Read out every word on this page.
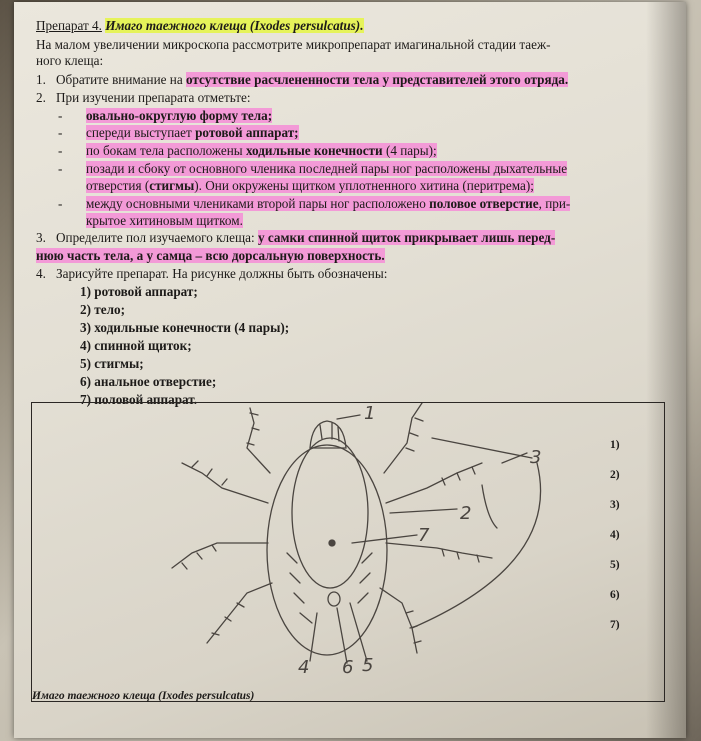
Препарат 4. Имаго таежного клеща (Ixodes persulcatus).
На малом увеличении микроскопа рассмотрите микропрепарат имагинальной стадии таеж-
ного клеща:
1. Обратите внимание на отсутствие расчлененности тела у представителей этого отряда.
2. При изучении препарата отметьте:
- овально-округлую форму тела;
- спереди выступает ротовой аппарат;
- по бокам тела расположены ходильные конечности (4 пары);
- позади и сбоку от основного членика последней пары ног расположены дыхательные
отверстия (стигмы). Они окружены щитком уплотненного хитина (перитрема);
- между основными члениками второй пары ног расположено половое отверстие, при-
крытое хитиновым щитком.
3. Определите пол изучаемого клеща: у самки спинной щиток прикрывает лишь перед-
нюю часть тела, а у самца – всю дорсальную поверхность.
4. Зарисуйте препарат. На рисунке должны быть обозначены:
1) ротовой аппарат;
2) тело;
3) ходильные конечности (4 пары);
4) спинной щиток;
5) стигмы;
6) анальное отверстие;
7) половой аппарат.
1
2
3
7
4 6 5
1)
2)
3)
4)
5)
6)
7)
Имаго таежного клеща (Ixodes persulcatus)
